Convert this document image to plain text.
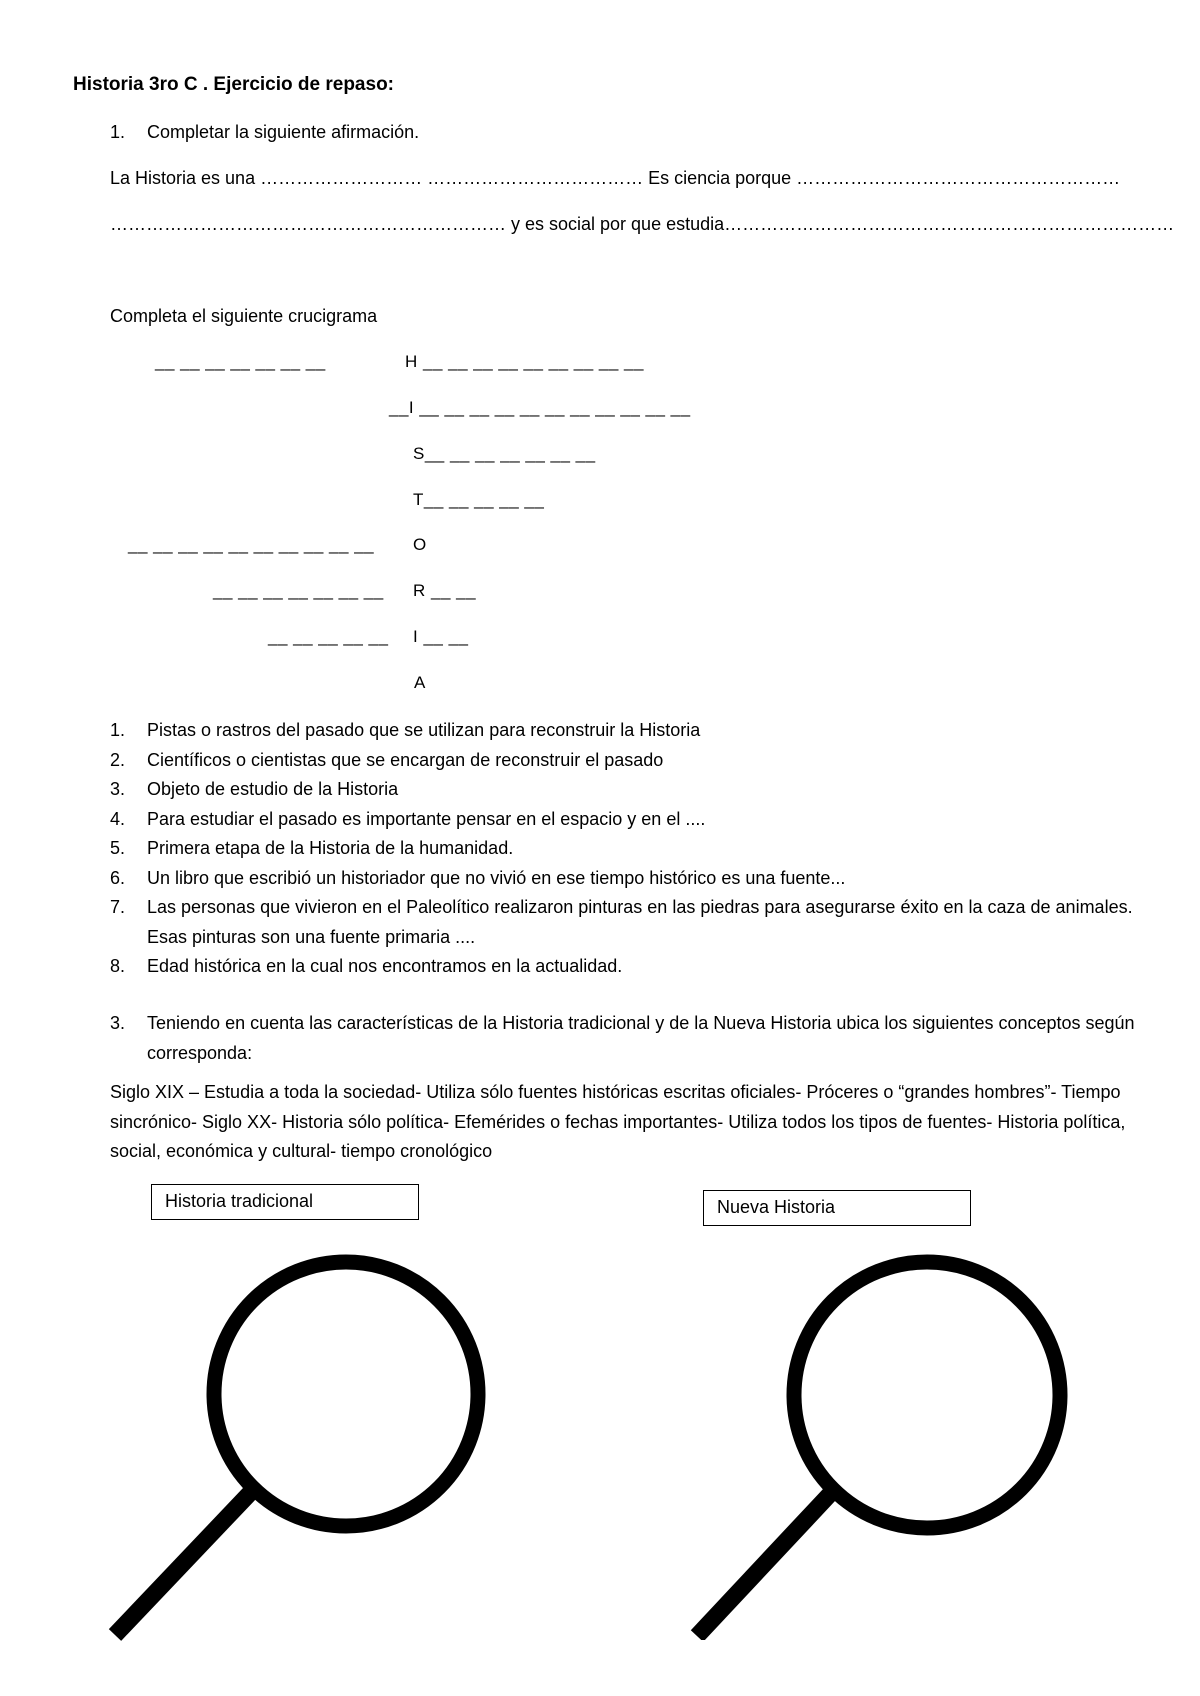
Historia 3ro C . Ejercicio de repaso:
1. Completar la siguiente afirmación.
La Historia es una ……………………… ……………………………… Es ciencia porque ………………………………………………
………………………………………………………… y es social por que estudia…………………………………………………………………
Completa el siguiente crucigrama
__ __ __ __ __ __ __	H __ __ __ __ __ __ __ __ __
__I __ __ __ __ __ __ __ __ __ __ __
S__ __ __ __ __ __ __
T__ __ __ __ __
__ __ __ __ __ __ __ __ __ __ O
__ __ __ __ __ __ __ R __ __
__ __ __ __ __ I __ __
A
1. Pistas o rastros del pasado que se utilizan para reconstruir la Historia
2. Científicos o cientistas que se encargan de reconstruir el pasado
3. Objeto de estudio de la Historia
4. Para estudiar el pasado es importante pensar en el espacio y en el ....
5. Primera etapa de la Historia de la humanidad.
6. Un libro que escribió un historiador que no vivió en ese tiempo histórico es una fuente...
7. Las personas que vivieron en el Paleolítico realizaron pinturas en las piedras para asegurarse éxito en la caza de animales. Esas pinturas son una fuente primaria ....
8. Edad histórica en la cual nos encontramos en la actualidad.
3.	Teniendo en cuenta las características de la Historia tradicional y de la Nueva Historia ubica los siguientes conceptos según corresponda:
Siglo XIX – Estudia a toda la sociedad- Utiliza sólo fuentes históricas escritas oficiales- Próceres o “grandes hombres”- Tiempo sincrónico- Siglo XX- Historia sólo política- Efemérides o fechas importantes- Utiliza todos los tipos de fuentes- Historia política, social, económica y cultural- tiempo cronológico
Historia tradicional	Nueva Historia
